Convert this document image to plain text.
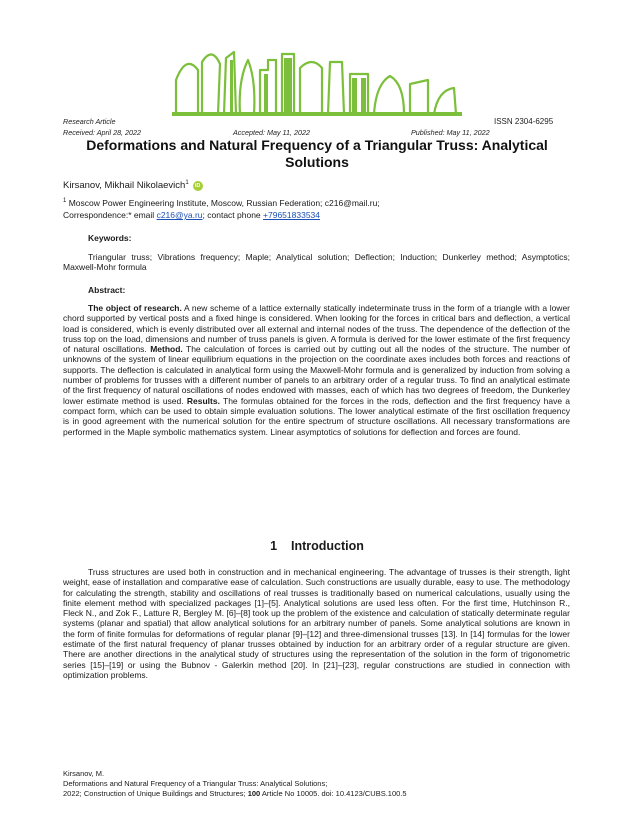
Research Article	ISSN 2304-6295
Received: April 28, 2022	Accepted: May 11, 2022	Published: May 11, 2022
Deformations and Natural Frequency of a Triangular Truss: Analytical Solutions
Kirsanov, Mikhail Nikolaevich$^1$ iD
$^1$ Moscow Power Engineering Institute, Moscow, Russian Federation; c216@mail.ru;
Correspondence:* email c216@ya.ru; contact phone +79651833534
Keywords:

Triangular truss; Vibrations frequency; Maple; Analytical solution; Deflection; Induction; Dunkerley method; Asymptotics; Maxwell-Mohr formula

Abstract:

The object of research. A new scheme of a lattice externally statically indeterminate truss in the form of a triangle with a lower chord supported by vertical posts and a fixed hinge is considered. When looking for the forces in critical bars and deflection, a vertical load is considered, which is evenly distributed over all external and internal nodes of the truss. The dependence of the deflection of the truss top on the load, dimensions and number of truss panels is given. A formula is derived for the lower estimate of the first frequency of natural oscillations. Method. The calculation of forces is carried out by cutting out all the nodes of the structure. The number of unknowns of the system of linear equilibrium equations in the projection on the coordinate axes includes both forces and reactions of supports. The deflection is calculated in analytical form using the Maxwell-Mohr formula and is generalized by induction from solving a number of problems for trusses with a different number of panels to an arbitrary order of a regular truss. To find an analytical estimate of the first frequency of natural oscillations of nodes endowed with masses, each of which has two degrees of freedom, the Dunkerley lower estimate method is used. Results. The formulas obtained for the forces in the rods, deflection and the first frequency have a compact form, which can be used to obtain simple evaluation solutions. The lower analytical estimate of the first oscillation frequency is in good agreement with the numerical solution for the entire spectrum of structure oscillations. All necessary transformations are performed in the Maple symbolic mathematics system. Linear asymptotics of solutions for deflection and forces are found.

1 Introduction

Truss structures are used both in construction and in mechanical engineering. The advantage of trusses is their strength, light weight, ease of installation and comparative ease of calculation. Such constructions are usually durable, easy to use. The methodology for calculating the strength, stability and oscillations of real trusses is traditionally based on numerical calculations, usually using the finite element method with specialized packages [1]–[5]. Analytical solutions are used less often. For the first time, Hutchinson R., Fleck N., and Zok F., Latture R, Bergley M. [6]–[8] took up the problem of the existence and calculation of statically determinate regular systems (planar and spatial) that allow analytical solutions for an arbitrary number of panels. Some analytical solutions are known in the form of finite formulas for deformations of regular planar [9]–[12] and three-dimensional trusses [13]. In [14] formulas for the lower estimate of the first natural frequency of planar trusses obtained by induction for an arbitrary order of a regular structure are given. There are another directions in the analytical study of structures using the representation of the solution in the form of trigonometric series [15]–[19] or using the Bubnov - Galerkin method [20]. In [21]–[23], regular constructions are studied in connection with optimization problems.

Kirsanov, M.
Deformations and Natural Frequency of a Triangular Truss: Analytical Solutions;
2022; Construction of Unique Buildings and Structures; 100 Article No 10005. doi: 10.4123/CUBS.100.5
